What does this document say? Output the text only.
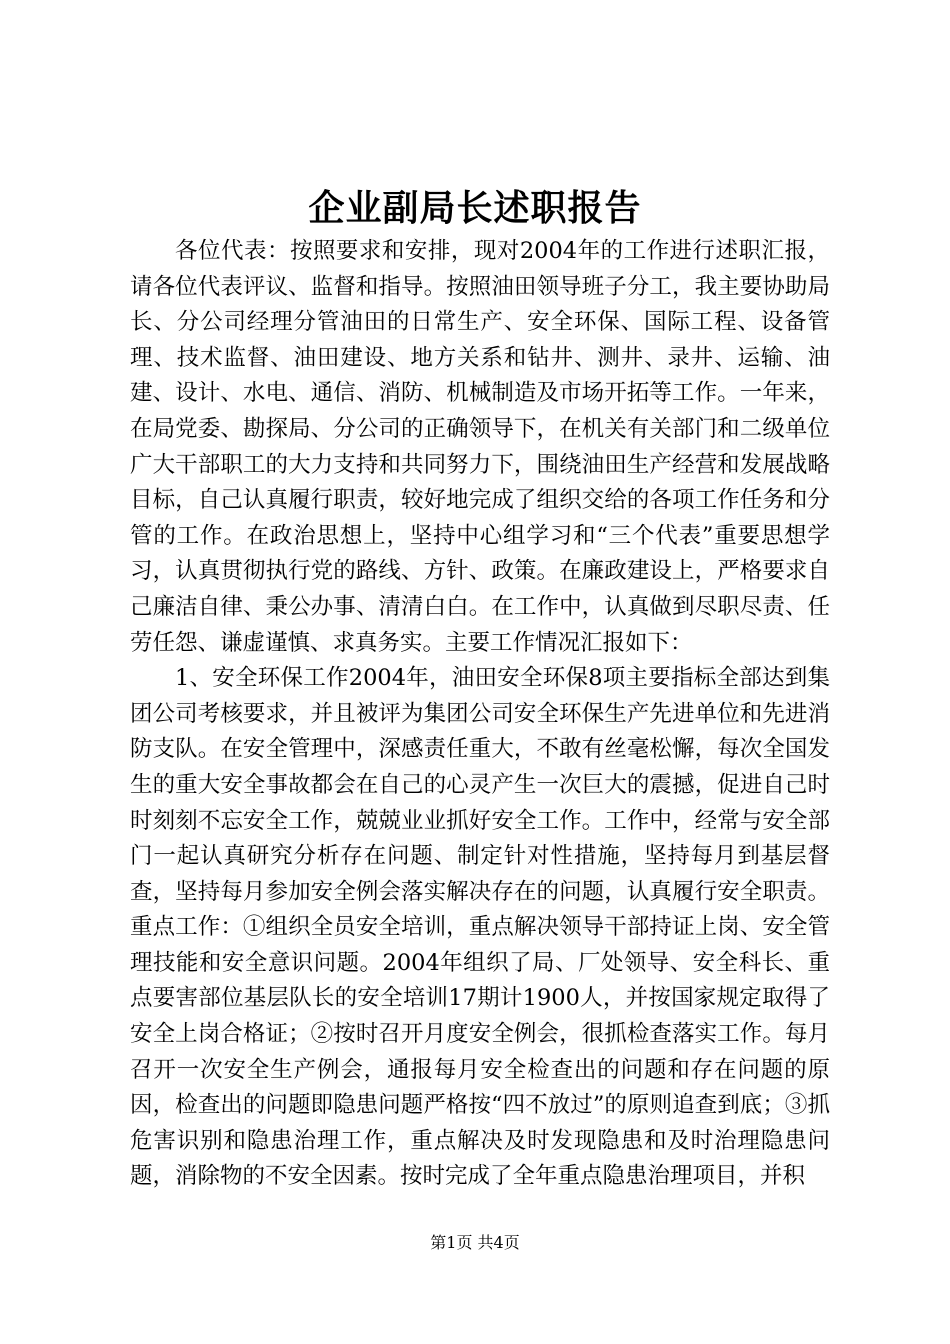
企业副局长述职报告

各位代表：按照要求和安排，现对2004年的工作进行述职汇报，请各位代表评议、监督和指导。按照油田领导班子分工，我主要协助局长、分公司经理分管油田的日常生产、安全环保、国际工程、设备管理、技术监督、油田建设、地方关系和钻井、测井、录井、运输、油建、设计、水电、通信、消防、机械制造及市场开拓等工作。一年来，在局党委、勘探局、分公司的正确领导下，在机关有关部门和二级单位广大干部职工的大力支持和共同努力下，围绕油田生产经营和发展战略目标，自己认真履行职责，较好地完成了组织交给的各项工作任务和分管的工作。在政治思想上，坚持中心组学习和“三个代表”重要思想学习，认真贯彻执行党的路线、方针、政策。在廉政建设上，严格要求自己廉洁自律、秉公办事、清清白白。在工作中，认真做到尽职尽责、任劳任怨、谦虚谨慎、求真务实。主要工作情况汇报如下：

1、安全环保工作2004年，油田安全环保8项主要指标全部达到集团公司考核要求，并且被评为集团公司安全环保生产先进单位和先进消防支队。在安全管理中，深感责任重大，不敢有丝毫松懈，每次全国发生的重大安全事故都会在自己的心灵产生一次巨大的震撼，促进自己时时刻刻不忘安全工作，兢兢业业抓好安全工作。工作中，经常与安全部门一起认真研究分析存在问题、制定针对性措施，坚持每月到基层督查，坚持每月参加安全例会落实解决存在的问题，认真履行安全职责。重点工作：①组织全员安全培训，重点解决领导干部持证上岗、安全管理技能和安全意识问题。2004年组织了局、厂处领导、安全科长、重点要害部位基层队长的安全培训17期计1900人，并按国家规定取得了安全上岗合格证；②按时召开月度安全例会，很抓检查落实工作。每月召开一次安全生产例会，通报每月安全检查出的问题和存在问题的原因，检查出的问题即隐患问题严格按“四不放过”的原则追查到底；③抓危害识别和隐患治理工作，重点解决及时发现隐患和及时治理隐患问题，消除物的不安全因素。按时完成了全年重点隐患治理项目，并积

第1页 共4页
